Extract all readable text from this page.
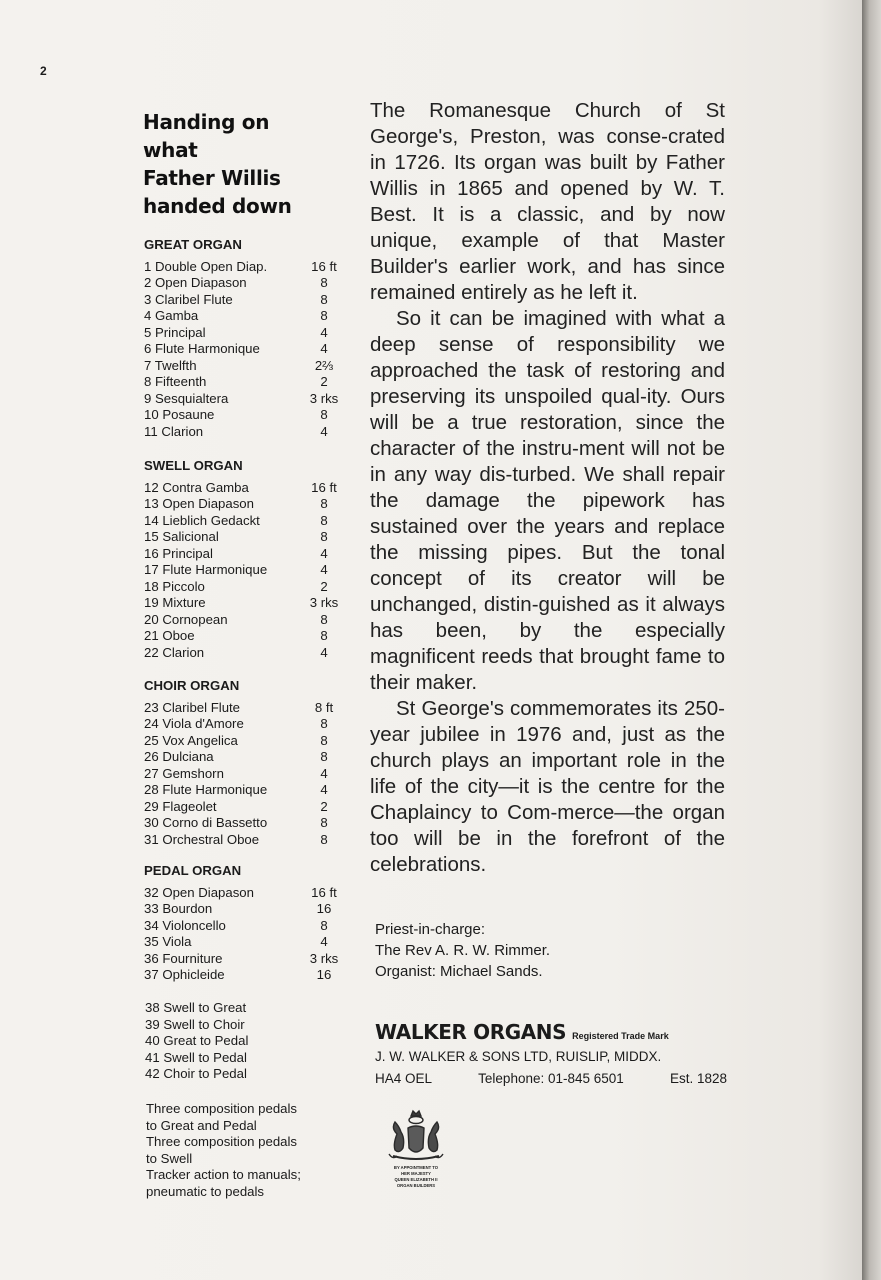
2
Handing on
what
Father Willis
handed down
GREAT ORGAN
1 Double Open Diap.	16 ft
2 Open Diapason	8
3 Claribel Flute	8
4 Gamba	8
5 Principal	4
6 Flute Harmonique	4
7 Twelfth	2⅔
8 Fifteenth	2
9 Sesquialtera	3 rks
10 Posaune	8
11 Clarion	4
SWELL ORGAN
12 Contra Gamba	16 ft
13 Open Diapason	8
14 Lieblich Gedackt	8
15 Salicional	8
16 Principal	4
17 Flute Harmonique	4
18 Piccolo	2
19 Mixture	3 rks
20 Cornopean	8
21 Oboe	8
22 Clarion	4
CHOIR ORGAN
23 Claribel Flute	8 ft
24 Viola d'Amore	8
25 Vox Angelica	8
26 Dulciana	8
27 Gemshorn	4
28 Flute Harmonique	4
29 Flageolet	2
30 Corno di Bassetto	8
31 Orchestral Oboe	8
PEDAL ORGAN
32 Open Diapason	16 ft
33 Bourdon	16
34 Violoncello	8
35 Viola	4
36 Fourniture	3 rks
37 Ophicleide	16
38 Swell to Great
39 Swell to Choir
40 Great to Pedal
41 Swell to Pedal
42 Choir to Pedal
Three composition pedals
to Great and Pedal
Three composition pedals
to Swell
Tracker action to manuals;
pneumatic to pedals

The Romanesque Church of St George's, Preston, was conse-crated in 1726. Its organ was built by Father Willis in 1865 and opened by W. T. Best. It is a classic, and by now unique, example of that Master Builder's earlier work, and has since remained entirely as he left it.

So it can be imagined with what a deep sense of responsibility we approached the task of restoring and preserving its unspoiled qual-ity. Ours will be a true restoration, since the character of the instru-ment will not be in any way dis-turbed. We shall repair the damage the pipework has sustained over the years and replace the missing pipes. But the tonal concept of its creator will be unchanged, distin-guished as it always has been, by the especially magnificent reeds that brought fame to their maker.

St George's commemorates its 250-year jubilee in 1976 and, just as the church plays an important role in the life of the city—it is the centre for the Chaplaincy to Com-merce—the organ too will be in the forefront of the celebrations.

Priest-in-charge:
The Rev A. R. W. Rimmer.
Organist: Michael Sands.
WALKER ORGANS Registered Trade Mark
J. W. WALKER & SONS LTD, RUISLIP, MIDDX.
HA4 OEL	Telephone: 01-845 6501	Est. 1828
BY APPOINTMENT TO
HER MAJESTY
QUEEN ELIZABETH II
ORGAN BUILDERS
